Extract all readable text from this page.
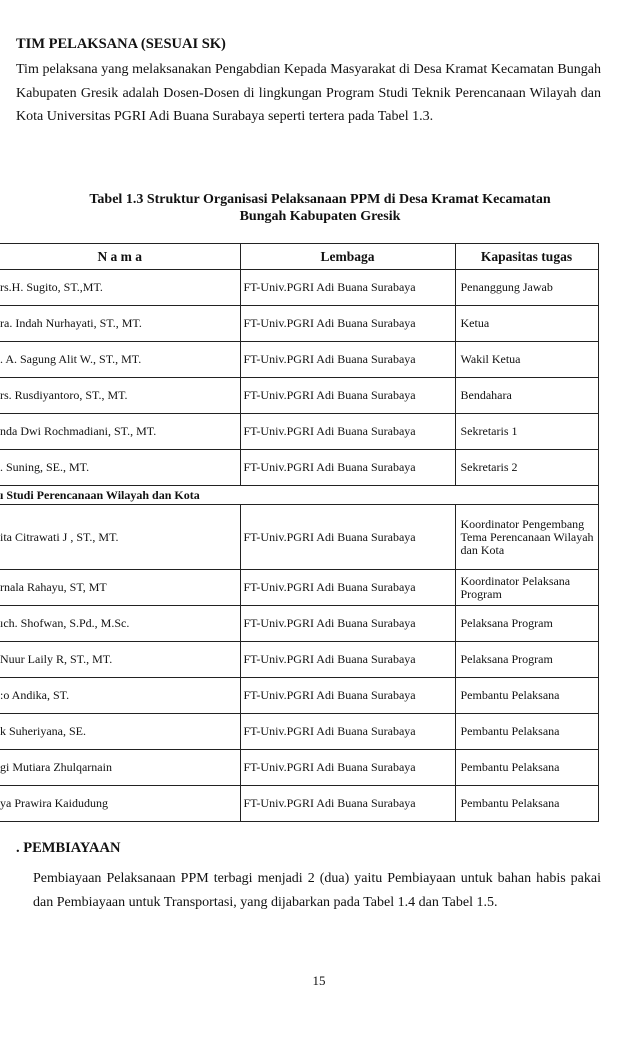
TIM PELAKSANA (SESUAI SK)
Tim pelaksana yang melaksanakan Pengabdian Kepada Masyarakat di Desa Kramat Kecamatan Bungah Kabupaten Gresik adalah Dosen-Dosen di lingkungan Program Studi Teknik Perencanaan Wilayah dan Kota Universitas PGRI Adi Buana Surabaya seperti tertera pada Tabel 1.3.
Tabel 1.3 Struktur Organisasi Pelaksanaan PPM di Desa Kramat Kecamatan
Bungah Kabupaten Gresik
N a m a	Lembaga	Kapasitas tugas
rs.H. Sugito, ST.,MT.	FT-Univ.PGRI Adi Buana Surabaya	Penanggung Jawab
ra. Indah Nurhayati, ST., MT.	FT-Univ.PGRI Adi Buana Surabaya	Ketua
. A. Sagung Alit W., ST., MT.	FT-Univ.PGRI Adi Buana Surabaya	Wakil Ketua
rs. Rusdiyantoro, ST., MT.	FT-Univ.PGRI Adi Buana Surabaya	Bendahara
nda Dwi Rochmadiani, ST., MT.	FT-Univ.PGRI Adi Buana Surabaya	Sekretaris 1
. Suning, SE., MT.	FT-Univ.PGRI Adi Buana Surabaya	Sekretaris 2
ı Studi Perencanaan Wilayah dan Kota		
ita Citrawati J , ST., MT.	FT-Univ.PGRI Adi Buana Surabaya	Koordinator Pengembang Tema Perencanaan Wilayah dan Kota
rnala Rahayu, ST, MT	FT-Univ.PGRI Adi Buana Surabaya	Koordinator Pelaksana Program
ıch. Shofwan, S.Pd., M.Sc.	FT-Univ.PGRI Adi Buana Surabaya	Pelaksana Program
Nuur Laily R, ST., MT.	FT-Univ.PGRI Adi Buana Surabaya	Pelaksana Program
:o Andika, ST.	FT-Univ.PGRI Adi Buana Surabaya	Pembantu Pelaksana
k Suheriyana, SE.	FT-Univ.PGRI Adi Buana Surabaya	Pembantu Pelaksana
gi Mutiara Zhulqarnain	FT-Univ.PGRI Adi Buana Surabaya	Pembantu Pelaksana
ya Prawira Kaidudung	FT-Univ.PGRI Adi Buana Surabaya	Pembantu Pelaksana
. PEMBIAYAAN
Pembiayaan Pelaksanaan PPM terbagi menjadi 2 (dua) yaitu Pembiayaan untuk bahan habis pakai dan Pembiayaan untuk Transportasi, yang dijabarkan pada Tabel 1.4 dan Tabel 1.5.
15
